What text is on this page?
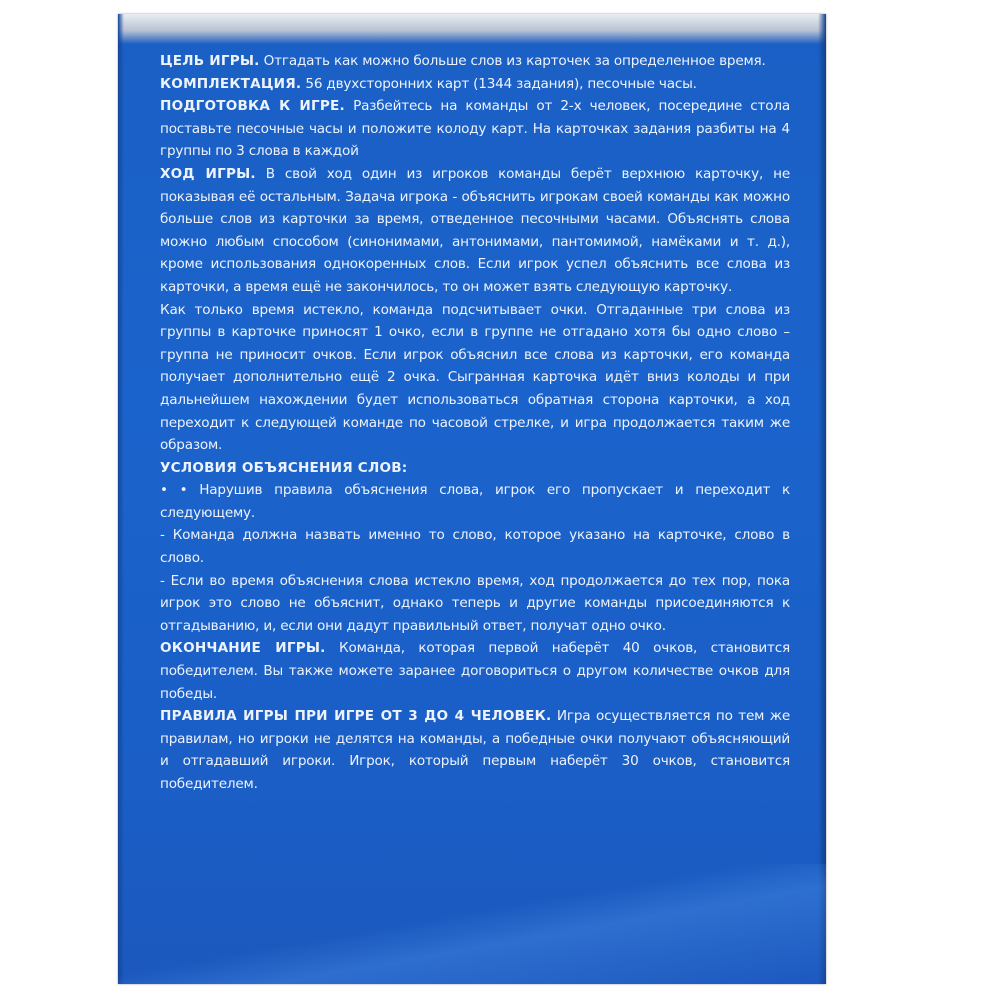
ЦЕЛЬ ИГРЫ. Отгадать как можно больше слов из карточек за определенное время.

КОМПЛЕКТАЦИЯ. 56 двухсторонних карт (1344 задания), песочные часы.

ПОДГОТОВКА К ИГРЕ. Разбейтесь на команды от 2-х человек, посередине стола поставьте песочные часы и положите колоду карт. На карточках задания разбиты на 4 группы по 3 слова в каждой

ХОД ИГРЫ. В свой ход один из игроков команды берёт верхнюю карточку, не показывая её остальным. Задача игрока - объяснить игрокам своей команды как можно больше слов из карточки за время, отведенное песочными часами. Объяснять слова можно любым способом (синонимами, антонимами, пантомимой, намёками и т. д.), кроме использования однокоренных слов. Если игрок успел объяснить все слова из карточки, а время ещё не закончилось, то он может взять следующую карточку.

Как только время истекло, команда подсчитывает очки. Отгаданные три слова из группы в карточке приносят 1 очко, если в группе не отгадано хотя бы одно слово – группа не приносит очков. Если игрок объяснил все слова из карточки, его команда получает дополнительно ещё 2 очка. Сыгранная карточка идёт вниз колоды и при дальнейшем нахождении будет использоваться обратная сторона карточки, а ход переходит к следующей команде по часовой стрелке, и игра продолжается таким же образом.

УСЛОВИЯ ОБЪЯСНЕНИЯ СЛОВ:

• • Нарушив правила объяснения слова, игрок его пропускает и переходит к следующему.

- Команда должна назвать именно то слово, которое указано на карточке, слово в слово.

- Если во время объяснения слова истекло время, ход продолжается до тех пор, пока игрок это слово не объяснит, однако теперь и другие команды присоединяются к отгадыванию, и, если они дадут правильный ответ, получат одно очко.

ОКОНЧАНИЕ ИГРЫ. Команда, которая первой наберёт 40 очков, становится победителем. Вы также можете заранее договориться о другом количестве очков для победы.

ПРАВИЛА ИГРЫ ПРИ ИГРЕ ОТ 3 ДО 4 ЧЕЛОВЕК. Игра осуществляется по тем же правилам, но игроки не делятся на команды, а победные очки получают объясняющий и отгадавший игроки. Игрок, который первым наберёт 30 очков, становится победителем.
